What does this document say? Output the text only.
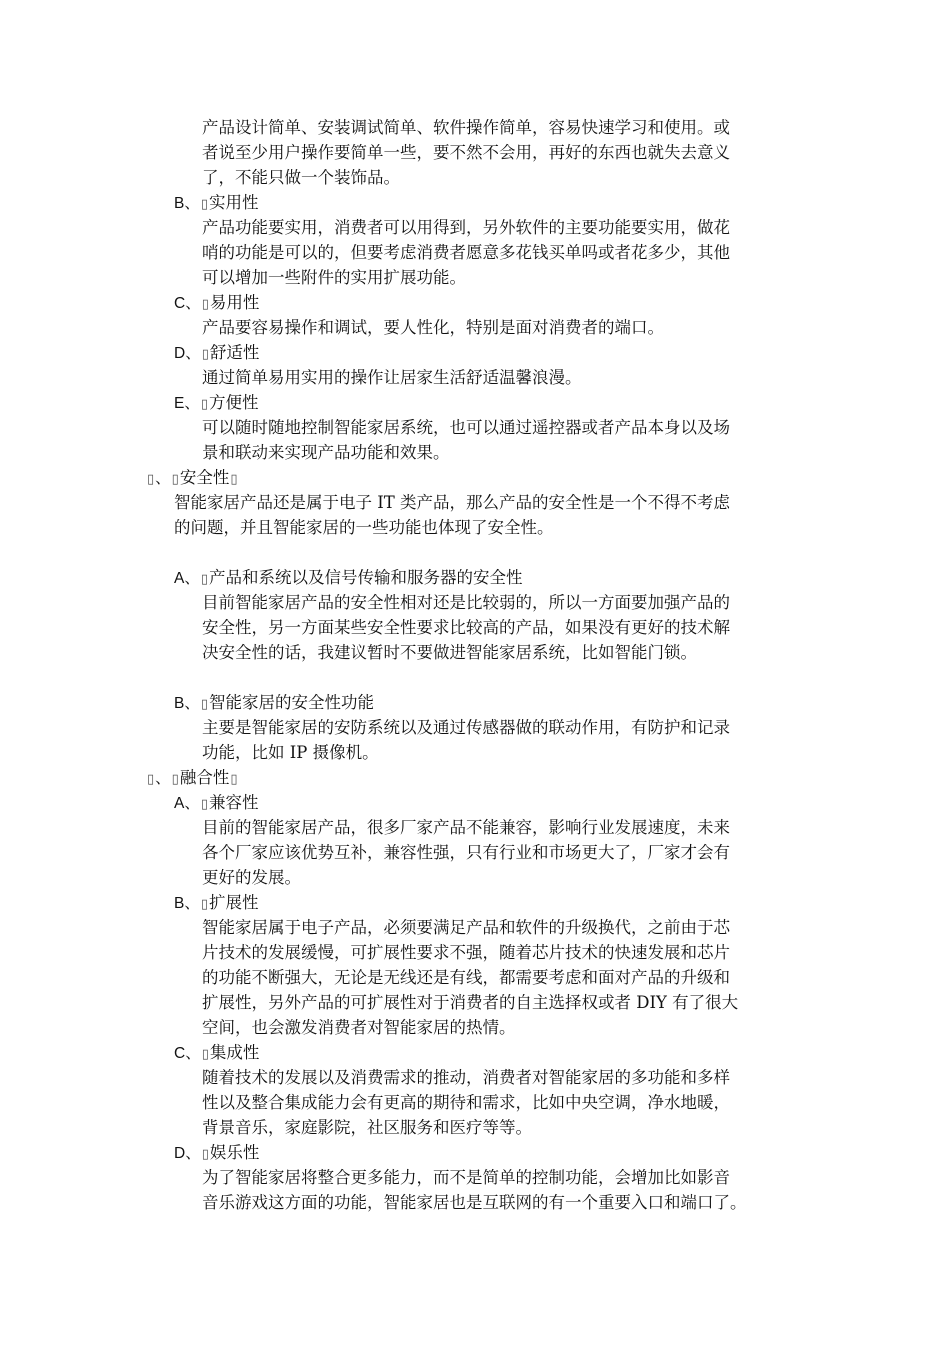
产品设计简单、安装调试简单、软件操作简单，容易快速学习和使用。或
者说至少用户操作要简单一些，要不然不会用，再好的东西也就失去意义
了，不能只做一个装饰品。
B、▯实用性
产品功能要实用，消费者可以用得到，另外软件的主要功能要实用，做花
哨的功能是可以的，但要考虑消费者愿意多花钱买单吗或者花多少，其他
可以增加一些附件的实用扩展功能。
C、▯易用性
产品要容易操作和调试，要人性化，特别是面对消费者的端口。
D、▯舒适性
通过简单易用实用的操作让居家生活舒适温馨浪漫。
E、▯方便性
可以随时随地控制智能家居系统，也可以通过遥控器或者产品本身以及场
景和联动来实现产品功能和效果。
▯、▯安全性▯
智能家居产品还是属于电子 IT 类产品，那么产品的安全性是一个不得不考虑
的问题，并且智能家居的一些功能也体现了安全性。
A、▯产品和系统以及信号传输和服务器的安全性
目前智能家居产品的安全性相对还是比较弱的，所以一方面要加强产品的
安全性，另一方面某些安全性要求比较高的产品，如果没有更好的技术解
决安全性的话，我建议暂时不要做进智能家居系统，比如智能门锁。
B、▯智能家居的安全性功能
主要是智能家居的安防系统以及通过传感器做的联动作用，有防护和记录
功能，比如 IP 摄像机。
▯、▯融合性▯
A、▯兼容性
目前的智能家居产品，很多厂家产品不能兼容，影响行业发展速度，未来
各个厂家应该优势互补，兼容性强，只有行业和市场更大了，厂家才会有
更好的发展。
B、▯扩展性
智能家居属于电子产品，必须要满足产品和软件的升级换代，之前由于芯
片技术的发展缓慢，可扩展性要求不强，随着芯片技术的快速发展和芯片
的功能不断强大，无论是无线还是有线，都需要考虑和面对产品的升级和
扩展性，另外产品的可扩展性对于消费者的自主选择权或者 DIY 有了很大
空间，也会激发消费者对智能家居的热情。
C、▯集成性
随着技术的发展以及消费需求的推动，消费者对智能家居的多功能和多样
性以及整合集成能力会有更高的期待和需求，比如中央空调，净水地暖，
背景音乐，家庭影院，社区服务和医疗等等。
D、▯娱乐性
为了智能家居将整合更多能力，而不是简单的控制功能，会增加比如影音
音乐游戏这方面的功能，智能家居也是互联网的有一个重要入口和端口了。
